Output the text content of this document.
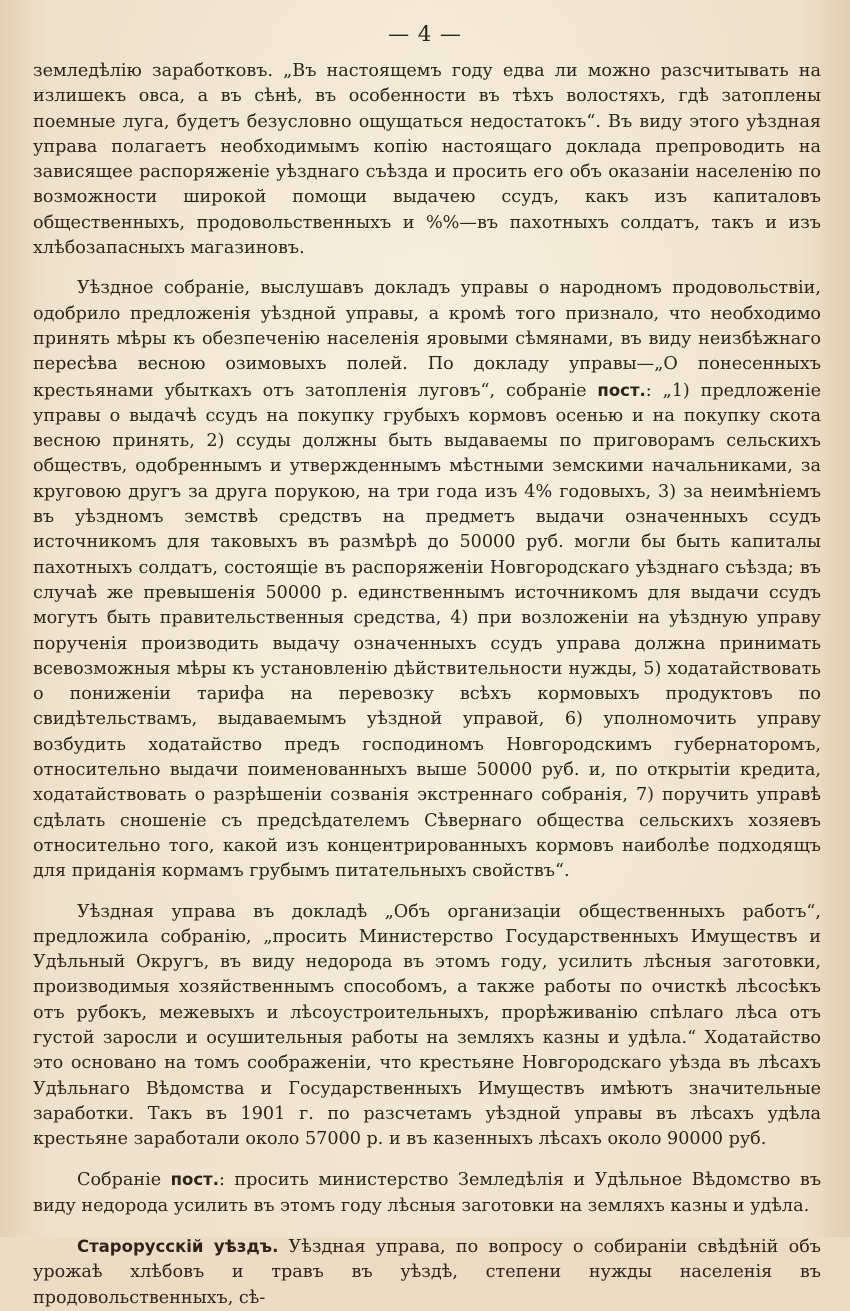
— 4 —

земледѣлію заработковъ. „Въ настоящемъ году едва ли можно разсчитывать на излишекъ овса, а въ сѣнѣ, въ особенности въ тѣхъ волостяхъ, гдѣ затоплены поемные луга, будетъ безусловно ощущаться недостатокъ“. Въ виду этого уѣздная управа полагаетъ необходимымъ копію настоящаго доклада препроводить на зависящее распоряженіе уѣзднаго съѣзда и просить его объ оказаніи населенію по возможности широкой помощи выдачею ссудъ, какъ изъ капиталовъ общественныхъ, продовольственныхъ и %%—въ пахотныхъ солдатъ, такъ и изъ хлѣбозапасныхъ магазиновъ.

Уѣздное собраніе, выслушавъ докладъ управы о народномъ продовольствіи, одобрило предложенія уѣздной управы, а кромѣ того признало, что необходимо принять мѣры къ обезпеченію населенія яровыми сѣмянами, въ виду неизбѣжнаго пересѣва весною озимовыхъ полей. По докладу управы—„О понесенныхъ крестьянами убыткахъ отъ затопленія луговъ“, собраніе пост.: „1) предложеніе управы о выдачѣ ссудъ на покупку грубыхъ кормовъ осенью и на покупку скота весною принять, 2) ссуды должны быть выдаваемы по приговорамъ сельскихъ обществъ, одобреннымъ и утвержденнымъ мѣстными земскими начальниками, за круговою другъ за друга порукою, на три года изъ 4% годовыхъ, 3) за неимѣніемъ въ уѣздномъ земствѣ средствъ на предметъ выдачи означенныхъ ссудъ источникомъ для таковыхъ въ размѣрѣ до 50000 руб. могли бы быть капиталы пахотныхъ солдатъ, состоящіе въ распоряженіи Новгородскаго уѣзднаго съѣзда; въ случаѣ же превышенія 50000 р. единственнымъ источникомъ для выдачи ссудъ могутъ быть правительственныя средства, 4) при возложеніи на уѣздную управу порученія производить выдачу означенныхъ ссудъ управа должна принимать всевозможныя мѣры къ установленію дѣйствительности нужды, 5) ходатайствовать о пониженіи тарифа на перевозку всѣхъ кормовыхъ продуктовъ по свидѣтельствамъ, выдаваемымъ уѣздной управой, 6) уполномочить управу возбудить ходатайство предъ господиномъ Новгородскимъ губернаторомъ, относительно выдачи поименованныхъ выше 50000 руб. и, по открытіи кредита, ходатайствовать о разрѣшеніи созванія экстреннаго собранія, 7) поручить управѣ сдѣлать сношеніе съ предсѣдателемъ Сѣвернаго общества сельскихъ хозяевъ относительно того, какой изъ концентрированныхъ кормовъ наиболѣе подходящъ для приданія кормамъ грубымъ питательныхъ свойствъ“.

Уѣздная управа въ докладѣ „Объ организаціи общественныхъ работъ“, предложила собранію, „просить Министерство Государственныхъ Имуществъ и Удѣльный Округъ, въ виду недорода въ этомъ году, усилить лѣсныя заготовки, производимыя хозяйственнымъ способомъ, а также работы по очисткѣ лѣсосѣкъ отъ рубокъ, межевыхъ и лѣсоустроительныхъ, прорѣживанію спѣлаго лѣса отъ густой заросли и осушительныя работы на земляхъ казны и удѣла.“ Ходатайство это основано на томъ соображеніи, что крестьяне Новгородскаго уѣзда въ лѣсахъ Удѣльнаго Вѣдомства и Государственныхъ Имуществъ имѣютъ значительные заработки. Такъ въ 1901 г. по разсчетамъ уѣздной управы въ лѣсахъ удѣла крестьяне заработали около 57000 р. и въ казенныхъ лѣсахъ около 90000 руб.

Собраніе пост.: просить министерство Земледѣлія и Удѣльное Вѣдомство въ виду недорода усилить въ этомъ году лѣсныя заготовки на земляхъ казны и удѣла.

Старорусскій уѣздъ. Уѣздная управа, по вопросу о собираніи свѣдѣній объ урожаѣ хлѣбовъ и травъ въ уѣздѣ, степени нужды населенія въ продовольственныхъ, сѣ-
